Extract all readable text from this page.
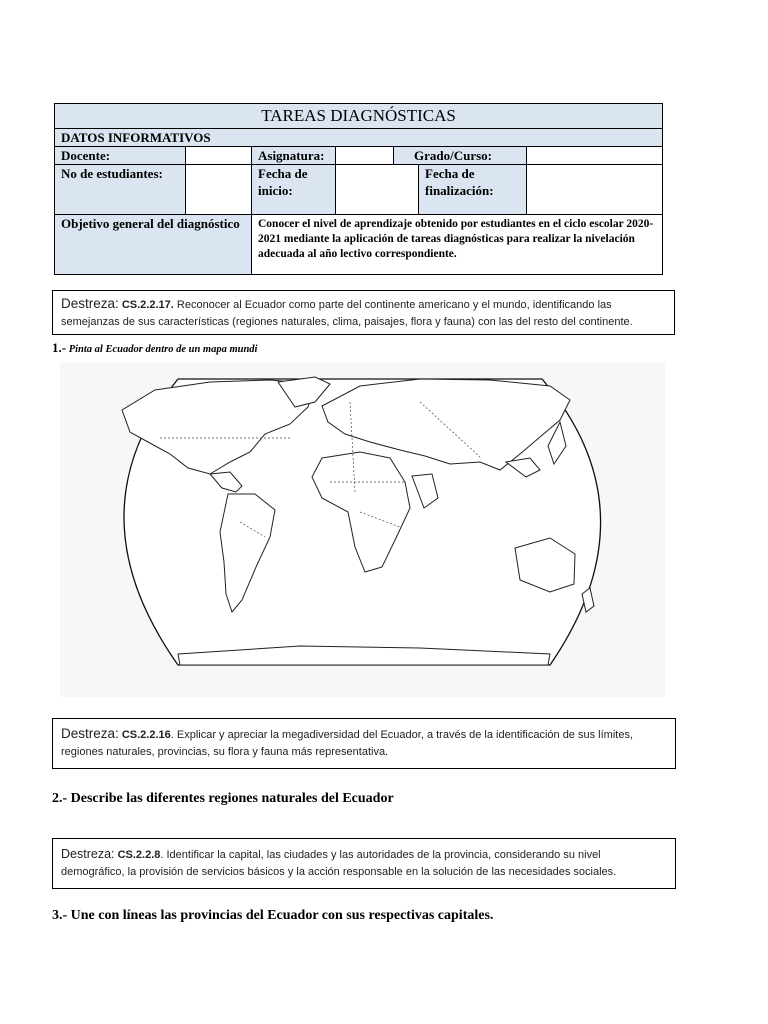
TAREAS DIAGNÓSTICAS						
DATOS INFORMATIVOS						
Docente:		Asignatura:		Grado/Curso:		
No de estudiantes:		Fecha de inicio:			Fecha de finalización:	
Objetivo general del diagnóstico		Conocer el nivel de aprendizaje obtenido por estudiantes en el ciclo escolar 2020-2021 mediante la aplicación de tareas diagnósticas para realizar la nivelación adecuada al año lectivo correspondiente.				
Destreza: CS.2.2.17. Reconocer al Ecuador como parte del continente americano y el mundo, identificando las semejanzas de sus características (regiones naturales, clima, paisajes, flora y fauna) con las del resto del continente.
1.- Pinta al Ecuador dentro de un mapa mundi
Destreza: CS.2.2.16. Explicar y apreciar la megadiversidad del Ecuador, a través de la identificación de sus límites, regiones naturales, provincias, su flora y fauna más representativa.
2.- Describe las diferentes regiones naturales del Ecuador
Destreza: CS.2.2.8. Identificar la capital, las ciudades y las autoridades de la provincia, considerando su nivel demográfico, la provisión de servicios básicos y la acción responsable en la solución de las necesidades sociales.
3.- Une con líneas las provincias del Ecuador con sus respectivas capitales.
